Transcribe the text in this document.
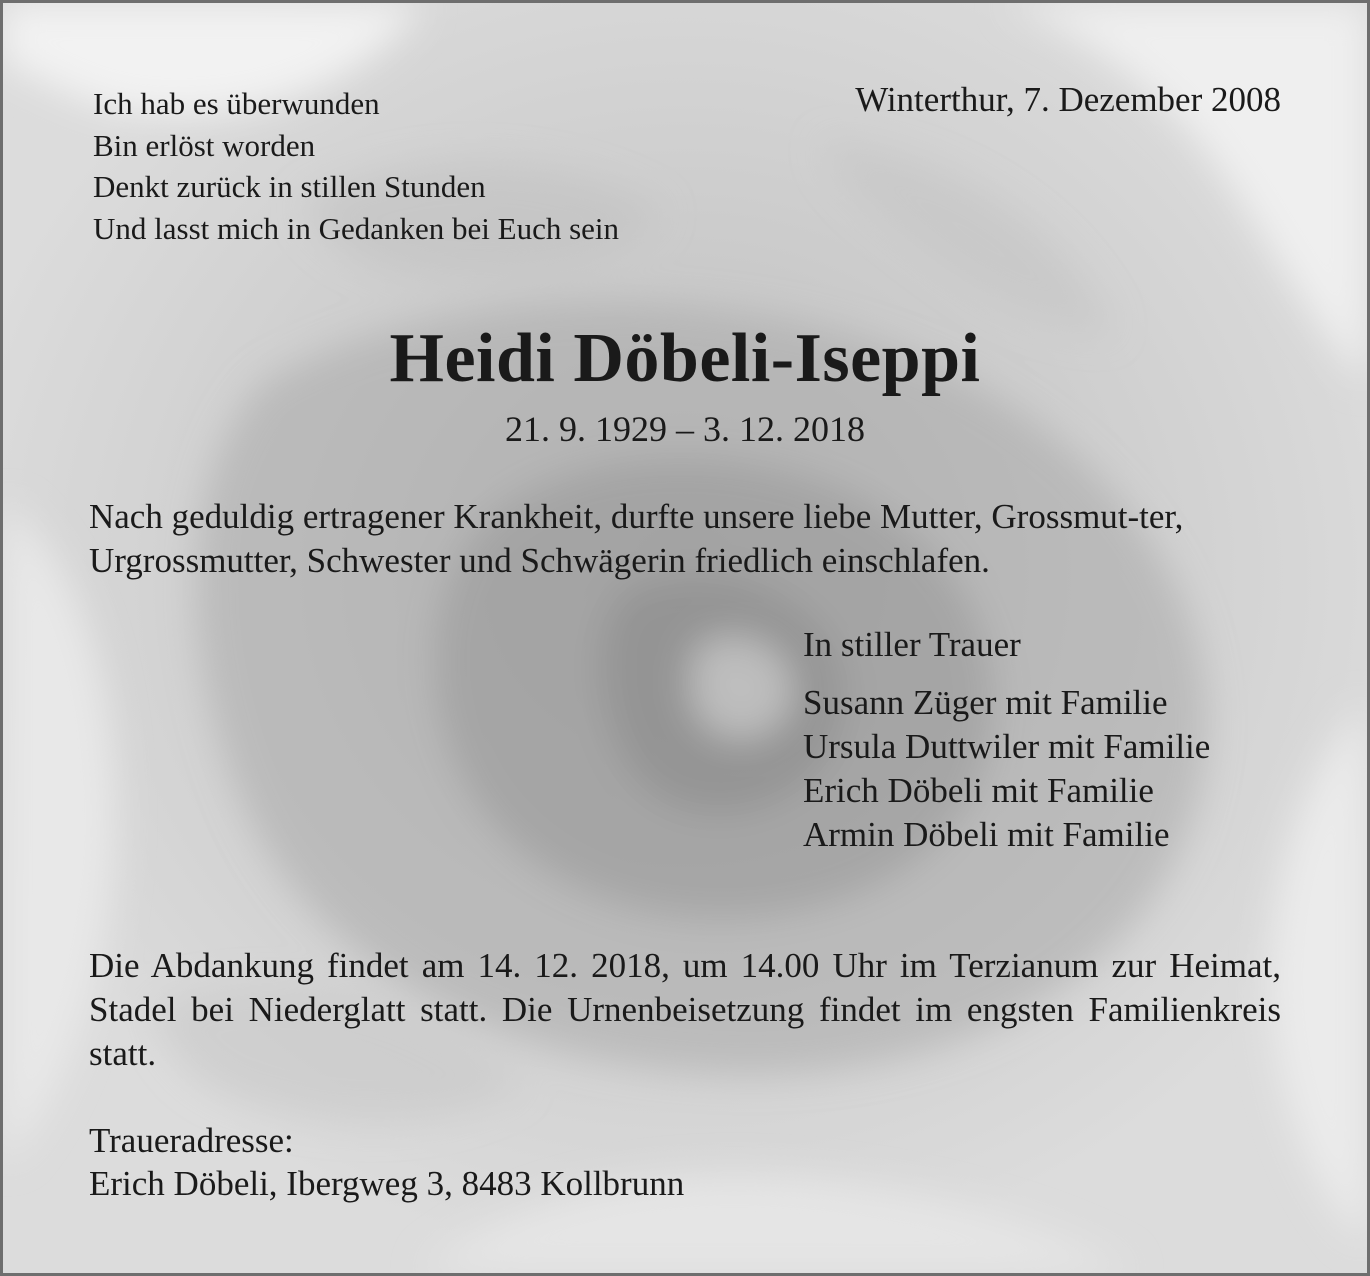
Ich hab es überwunden
Bin erlöst worden
Denkt zurück in stillen Stunden
Und lasst mich in Gedanken bei Euch sein
Winterthur, 7. Dezember 2008
Heidi Döbeli-Iseppi
21. 9. 1929 – 3. 12. 2018
Nach geduldig ertragener Krankheit, durfte unsere liebe Mutter, Grossmut-ter, Urgrossmutter, Schwester und Schwägerin friedlich einschlafen.
In stiller Trauer
Susann Züger mit Familie
Ursula Duttwiler mit Familie
Erich Döbeli mit Familie
Armin Döbeli mit Familie
Die Abdankung findet am 14. 12. 2018, um 14.00 Uhr im Terzianum zur Heimat, Stadel bei Niederglatt statt. Die Urnenbeisetzung findet im engsten Familienkreis statt.
Traueradresse:
Erich Döbeli, Ibergweg 3, 8483 Kollbrunn
